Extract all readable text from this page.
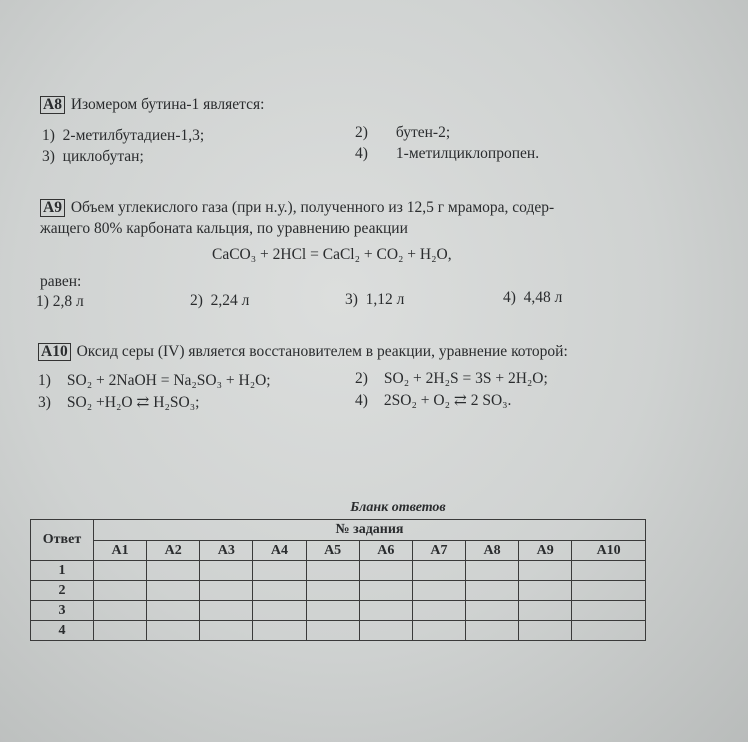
А8 Изомером бутина-1 является:
1) 2-метилбутадиен-1,3;	2) бутен-2;
3) циклобутан;	4) 1-метилциклопропен.
А9 Объем углекислого газа (при н.у.), полученного из 12,5 г мрамора, содер-
жащего 80% карбоната кальция, по уравнению реакции
CaCO₃ + 2HCl = CaCl₂ + CO₂ + H₂O,
равен:
1) 2,8 л	2) 2,24 л	3) 1,12 л	4) 4,48 л
А10 Оксид серы (IV) является восстановителем в реакции, уравнение которой:
1) SO₂ + 2NaOH = Na₂SO₃ + H₂O;	2) SO₂ + 2H₂S = 3S + 2H₂O;
3) SO₂ +H₂O ⇄ H₂SO₃;	4) 2SO₂ + O₂ ⇄ 2 SO₃.
Бланк ответов
Ответ	№ задания									
	А1	А2	А3	А4	А5	А6	А7	А8	А9	А10
1										
2										
3										
4										
